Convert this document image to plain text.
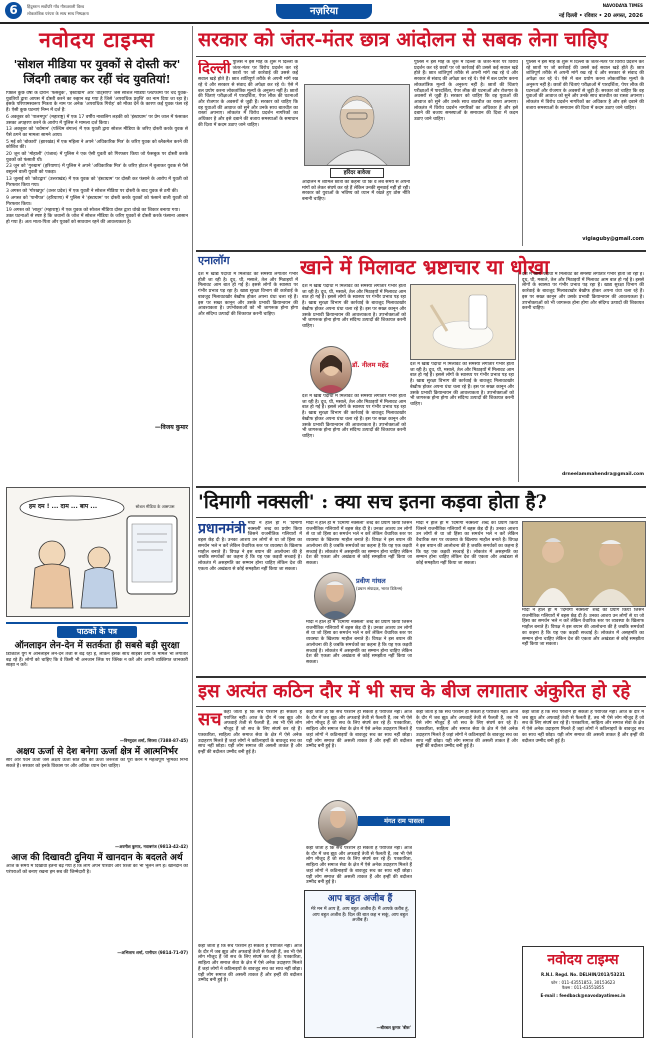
6	हिंदुस्तान सर्वोपरि गाँव गौरवशाली विश्व
लोकतांत्रिक परंपरा के साथ साथ निष्पक्षता	नज़रिया
NAVODAYA TIMES
नई दिल्ली • रविवार • 20 अगस्त, 2026
नवोदय टाइम्स
'सोशल मीडिया पर युवकों से दोस्ती कर'
जिंदगी तबाह कर रहीं चंद युवतियां!
पिछले कुछ वर्षों के दौरान 'फेसबुक', 'इंस्टाग्राम' और 'वॉट्सएप' जैसे सोशल मीडिया प्लेटफार्मों पर चंद युवक-युवतियों द्वारा आपस में दोस्ती करने का रुझान बढ़ गया है जिसे 'अपराधिक प्रवृत्ति' का नाम दिया जा रहा है। इसके परिणामस्वरूप मित्रता के नाम पर अनेक 'अपराधिक गिरोह' को मौका देने के कारण कई युवक फंस रहे हैं। ऐसी कुछ घटनाएं निम्न में दर्ज हैं:
6 अक्तूबर को 'पालमपुर' (महाराष्ट्र) में एक 17 वर्षीय नाबालिग लड़की को 'इंस्टाग्राम' पर प्रेम जाल में फंसाकर उसका अपहरण करने के आरोप में पुलिस ने मामला दर्ज किया।
13 अक्तूबर को 'बर्धमान' (पश्चिम बंगाल) में एक युवती द्वारा सोशल मीडिया के जरिए दोस्ती करके युवक से पैसे ठगने का मामला सामने आया।
5 मई को 'बोकारो' (झारखंड) में एक महिला ने अपने 'अधिकारिक मित्र' के जरिए युवक को ब्लैकमेल करने की कोशिश की।
20 जून को 'मोहाली' (पंजाब) में पुलिस ने एक ऐसी युवती को गिरफ्तार किया जो फेसबुक पर दोस्ती करके युवकों को फंसाती थी।
23 जून को 'गुरुग्राम' (हरियाणा) में पुलिस ने अपने 'अधिकारिक मित्र' के जरिए होटल में बुलाकर युवक से पैसे वसूलने वाली युवती को पकड़ा।
13 जुलाई को 'कोटद्वार' (उत्तराखंड) में एक युवक को 'इंस्टाग्राम' पर दोस्ती कर फंसाने के आरोप में युवती को गिरफ्तार किया गया।
3 अगस्त को 'गोरखपुर' (उत्तर प्रदेश) में एक युवती ने सोशल मीडिया पर दोस्ती के बाद युवक से ठगी की।
9 अगस्त को 'पानीपत' (हरियाणा) में पुलिस ने 'इंस्टाग्राम' पर दोस्ती करके युवकों को फंसाने वाली युवती को गिरफ्तार किया।
19 अगस्त को 'लातूर' (महाराष्ट्र) में एक युवक को सोशल मीडिया दोस्त द्वारा धोखे का शिकार बनाया गया।
उक्त घटनाओं से स्पष्ट है कि जवानों के जोश में सोशल मीडिया के जरिए युवकों से दोस्ती करके फंसाना आसान हो गया है। अतः माता-पिता और युवकों को सावधान रहने की आवश्यकता है।
—विजय कुमार
हम दम ! ... दाम ... बाप ...	सोशल मीडिया के आसपास
पाठकों के पत्र
ऑनलाइन लेन-देन में सतर्कता ही सबसे बड़ी सुरक्षा
डिजिटल युग में ऑनलाइन लेन-देन तेजी से बढ़ रहा है, लेकिन इसके साथ साइबर ठगी के मामले भी लगातार बढ़ रहे हैं। लोगों को चाहिए कि वे किसी भी अनजान लिंक पर क्लिक न करें और अपनी व्यक्तिगत जानकारी साझा न करें।
—विष्णुदत्त शर्मा, सिरसा (7388-87-45)
अक्षय ऊर्जा से देश बनेगा ऊर्जा क्षेत्र में आत्मनिर्भर
सौर और पवन ऊर्जा जैसे अक्षय ऊर्जा स्रोत देश की ऊर्जा जरूरतों को पूरा करने में महत्वपूर्ण भूमिका निभा सकते हैं। सरकार को इनके विकास पर और अधिक ध्यान देना चाहिए।
—अवनीश कुमार, नवाबगंज (9813-42-42)
आज की दिखावटी दुनिया में खानदान के बदलते अर्थ
आज के समय में दिखावा इतना बढ़ गया है कि लोग अपने परिवार और रिश्तों को भी भूलने लगे हैं। खानदान की परंपराओं को बनाए रखना हम सब की जिम्मेदारी है।
—अभिलाष शर्मा, पानीपत (9814-71-07)
सरकार को जंतर-मंतर छात्र आंदोलन से सबक लेना चाहिए
दिल्ली पुलिस ने इस माह के शुरू में दिल्ली के जंतर-मंतर पर विरोध प्रदर्शन कर रहे छात्रों पर जो कार्रवाई की उससे कई सवाल खड़े होते हैं। छात्र शांतिपूर्ण तरीके से अपनी मांगें रख रहे थे और सरकार से संवाद की अपेक्षा कर रहे थे। ऐसे में बल प्रयोग करना लोकतांत्रिक मूल्यों के अनुरूप नहीं है। छात्रों की चिंताएं परीक्षाओं में पारदर्शिता, पेपर लीक की घटनाओं और रोजगार के अवसरों से जुड़ी हैं। सरकार को चाहिए कि वह युवाओं की आवाज को सुने और उनके साथ बातचीत का रास्ता अपनाए। लोकतंत्र में विरोध प्रदर्शन नागरिकों का अधिकार है और इसे दबाने की बजाय समस्याओं के समाधान की दिशा में कदम उठाए जाने चाहिए।
हरिंदर बावेजा
आंदोलन में शामिल छात्रों का कहना था कि वे लंबे समय से अपनी मांगों को लेकर संघर्ष कर रहे हैं लेकिन उनकी सुनवाई नहीं हो रही। सरकार को युवाओं के भविष्य को ध्यान में रखते हुए ठोस नीति बनानी चाहिए।
पुलिस ने इस माह के शुरू में दिल्ली के जंतर-मंतर पर विरोध प्रदर्शन कर रहे छात्रों पर जो कार्रवाई की उससे कई सवाल खड़े होते हैं। छात्र शांतिपूर्ण तरीके से अपनी मांगें रख रहे थे और सरकार से संवाद की अपेक्षा कर रहे थे। ऐसे में बल प्रयोग करना लोकतांत्रिक मूल्यों के अनुरूप नहीं है। छात्रों की चिंताएं परीक्षाओं में पारदर्शिता, पेपर लीक की घटनाओं और रोजगार के अवसरों से जुड़ी हैं। सरकार को चाहिए कि वह युवाओं की आवाज को सुने और उनके साथ बातचीत का रास्ता अपनाए। लोकतंत्र में विरोध प्रदर्शन नागरिकों का अधिकार है और इसे दबाने की बजाय समस्याओं के समाधान की दिशा में कदम उठाए जाने चाहिए।
पुलिस ने इस माह के शुरू में दिल्ली के जंतर-मंतर पर विरोध प्रदर्शन कर रहे छात्रों पर जो कार्रवाई की उससे कई सवाल खड़े होते हैं। छात्र शांतिपूर्ण तरीके से अपनी मांगें रख रहे थे और सरकार से संवाद की अपेक्षा कर रहे थे। ऐसे में बल प्रयोग करना लोकतांत्रिक मूल्यों के अनुरूप नहीं है। छात्रों की चिंताएं परीक्षाओं में पारदर्शिता, पेपर लीक की घटनाओं और रोजगार के अवसरों से जुड़ी हैं। सरकार को चाहिए कि वह युवाओं की आवाज को सुने और उनके साथ बातचीत का रास्ता अपनाए। लोकतंत्र में विरोध प्रदर्शन नागरिकों का अधिकार है और इसे दबाने की बजाय समस्याओं के समाधान की दिशा में कदम उठाए जाने चाहिए।
vigiaguby@gmail.com
एनालॉग	खाने में मिलावट भ्रष्टाचार या धोखा
देश में खाद्य पदार्थों में मिलावट की समस्या लगातार गंभीर होती जा रही है। दूध, घी, मसाले, तेल और मिठाइयों में मिलावट आम बात हो गई है। इससे लोगों के स्वास्थ्य पर गंभीर प्रभाव पड़ रहा है। खाद्य सुरक्षा विभाग की कार्रवाई के बावजूद मिलावटखोर बेखौफ होकर अपना धंधा चला रहे हैं। इस पर सख्त कानून और उसके प्रभावी क्रियान्वयन की आवश्यकता है। उपभोक्ताओं को भी जागरूक होना होगा और संदिग्ध उत्पादों की शिकायत करनी चाहिए।
देश में खाद्य पदार्थों में मिलावट की समस्या लगातार गंभीर होती जा रही है। दूध, घी, मसाले, तेल और मिठाइयों में मिलावट आम बात हो गई है। इससे लोगों के स्वास्थ्य पर गंभीर प्रभाव पड़ रहा है। खाद्य सुरक्षा विभाग की कार्रवाई के बावजूद मिलावटखोर बेखौफ होकर अपना धंधा चला रहे हैं। इस पर सख्त कानून और उसके प्रभावी क्रियान्वयन की आवश्यकता है। उपभोक्ताओं को भी जागरूक होना होगा और संदिग्ध उत्पादों की शिकायत करनी चाहिए।
डॉ. नीलम महेंद्र
देश में खाद्य पदार्थों में मिलावट की समस्या लगातार गंभीर होती जा रही है। दूध, घी, मसाले, तेल और मिठाइयों में मिलावट आम बात हो गई है। इससे लोगों के स्वास्थ्य पर गंभीर प्रभाव पड़ रहा है। खाद्य सुरक्षा विभाग की कार्रवाई के बावजूद मिलावटखोर बेखौफ होकर अपना धंधा चला रहे हैं। इस पर सख्त कानून और उसके प्रभावी क्रियान्वयन की आवश्यकता है। उपभोक्ताओं को भी जागरूक होना होगा और संदिग्ध उत्पादों की शिकायत करनी चाहिए।
देश में खाद्य पदार्थों में मिलावट की समस्या लगातार गंभीर होती जा रही है। दूध, घी, मसाले, तेल और मिठाइयों में मिलावट आम बात हो गई है। इससे लोगों के स्वास्थ्य पर गंभीर प्रभाव पड़ रहा है। खाद्य सुरक्षा विभाग की कार्रवाई के बावजूद मिलावटखोर बेखौफ होकर अपना धंधा चला रहे हैं। इस पर सख्त कानून और उसके प्रभावी क्रियान्वयन की आवश्यकता है। उपभोक्ताओं को भी जागरूक होना होगा और संदिग्ध उत्पादों की शिकायत करनी चाहिए।
देश में खाद्य पदार्थों में मिलावट की समस्या लगातार गंभीर होती जा रही है। दूध, घी, मसाले, तेल और मिठाइयों में मिलावट आम बात हो गई है। इससे लोगों के स्वास्थ्य पर गंभीर प्रभाव पड़ रहा है। खाद्य सुरक्षा विभाग की कार्रवाई के बावजूद मिलावटखोर बेखौफ होकर अपना धंधा चला रहे हैं। इस पर सख्त कानून और उसके प्रभावी क्रियान्वयन की आवश्यकता है। उपभोक्ताओं को भी जागरूक होना होगा और संदिग्ध उत्पादों की शिकायत करनी चाहिए।
drneelammahendra@gmail.com
'दिमागी नक्सली' : क्या सच इतना कड़वा होता है?
प्रधानमंत्री मोदी ने हाल ही में 'दिमागी नक्सली' शब्द का प्रयोग किया जिसने राजनीतिक गलियारों में बहस छेड़ दी है। उनका आशय उन लोगों से था जो हिंसा का समर्थन भले न करें लेकिन वैचारिक स्तर पर व्यवस्था के खिलाफ माहौल बनाते हैं। विपक्ष ने इस बयान की आलोचना की है जबकि समर्थकों का कहना है कि यह एक कड़वी सच्चाई है। लोकतंत्र में असहमति का सम्मान होना चाहिए लेकिन देश की एकता और अखंडता से कोई समझौता नहीं किया जा सकता।
मोदी ने हाल ही में 'दिमागी नक्सली' शब्द का प्रयोग किया जिसने राजनीतिक गलियारों में बहस छेड़ दी है। उनका आशय उन लोगों से था जो हिंसा का समर्थन भले न करें लेकिन वैचारिक स्तर पर व्यवस्था के खिलाफ माहौल बनाते हैं। विपक्ष ने इस बयान की आलोचना की है जबकि समर्थकों का कहना है कि यह एक कड़वी सच्चाई है। लोकतंत्र में असहमति का सम्मान होना चाहिए लेकिन देश की एकता और अखंडता से कोई समझौता नहीं किया जा सकता।
प्रवीण गांधल
(प्रधान संपादक, भारत डिफेन्स)
मोदी ने हाल ही में 'दिमागी नक्सली' शब्द का प्रयोग किया जिसने राजनीतिक गलियारों में बहस छेड़ दी है। उनका आशय उन लोगों से था जो हिंसा का समर्थन भले न करें लेकिन वैचारिक स्तर पर व्यवस्था के खिलाफ माहौल बनाते हैं। विपक्ष ने इस बयान की आलोचना की है जबकि समर्थकों का कहना है कि यह एक कड़वी सच्चाई है। लोकतंत्र में असहमति का सम्मान होना चाहिए लेकिन देश की एकता और अखंडता से कोई समझौता नहीं किया जा सकता।
मोदी ने हाल ही में 'दिमागी नक्सली' शब्द का प्रयोग किया जिसने राजनीतिक गलियारों में बहस छेड़ दी है। उनका आशय उन लोगों से था जो हिंसा का समर्थन भले न करें लेकिन वैचारिक स्तर पर व्यवस्था के खिलाफ माहौल बनाते हैं। विपक्ष ने इस बयान की आलोचना की है जबकि समर्थकों का कहना है कि यह एक कड़वी सच्चाई है। लोकतंत्र में असहमति का सम्मान होना चाहिए लेकिन देश की एकता और अखंडता से कोई समझौता नहीं किया जा सकता।
मोदी ने हाल ही में 'दिमागी नक्सली' शब्द का प्रयोग किया जिसने राजनीतिक गलियारों में बहस छेड़ दी है। उनका आशय उन लोगों से था जो हिंसा का समर्थन भले न करें लेकिन वैचारिक स्तर पर व्यवस्था के खिलाफ माहौल बनाते हैं। विपक्ष ने इस बयान की आलोचना की है जबकि समर्थकों का कहना है कि यह एक कड़वी सच्चाई है। लोकतंत्र में असहमति का सम्मान होना चाहिए लेकिन देश की एकता और अखंडता से कोई समझौता नहीं किया जा सकता।
इस अत्यंत कठिन दौर में भी सच के बीज लगातार अंकुरित हो रहे
सच कहा जाता है कि सच परेशान हो सकता है पराजित नहीं। आज के दौर में जब झूठ और अफवाहें तेजी से फैलती हैं, तब भी ऐसे लोग मौजूद हैं जो सच के लिए संघर्ष कर रहे हैं। पत्रकारिता, साहित्य और समाज सेवा के क्षेत्र में ऐसे अनेक उदाहरण मिलते हैं जहां लोगों ने कठिनाइयों के बावजूद सच का साथ नहीं छोड़ा। यही लोग समाज की असली ताकत हैं और इन्हीं की बदौलत उम्मीद बनी हुई है।
कहा जाता है कि सच परेशान हो सकता है पराजित नहीं। आज के दौर में जब झूठ और अफवाहें तेजी से फैलती हैं, तब भी ऐसे लोग मौजूद हैं जो सच के लिए संघर्ष कर रहे हैं। पत्रकारिता, साहित्य और समाज सेवा के क्षेत्र में ऐसे अनेक उदाहरण मिलते हैं जहां लोगों ने कठिनाइयों के बावजूद सच का साथ नहीं छोड़ा। यही लोग समाज की असली ताकत हैं और इन्हीं की बदौलत उम्मीद बनी हुई है।
मंगत राम पासला
कहा जाता है कि सच परेशान हो सकता है पराजित नहीं। आज के दौर में जब झूठ और अफवाहें तेजी से फैलती हैं, तब भी ऐसे लोग मौजूद हैं जो सच के लिए संघर्ष कर रहे हैं। पत्रकारिता, साहित्य और समाज सेवा के क्षेत्र में ऐसे अनेक उदाहरण मिलते हैं जहां लोगों ने कठिनाइयों के बावजूद सच का साथ नहीं छोड़ा। यही लोग समाज की असली ताकत हैं और इन्हीं की बदौलत उम्मीद बनी हुई है।
आप बहुत अजीब हैं
मेरे मन में आप हैं, आप बहुत अजीब हैं। मैं आपके करीब हूं, आप बहुत अजीब हैं। दिल की बात कह न सकूं, आप बहुत अजीब हैं।
—बीरबल कुमार 'बीरू'
कहा जाता है कि सच परेशान हो सकता है पराजित नहीं। आज के दौर में जब झूठ और अफवाहें तेजी से फैलती हैं, तब भी ऐसे लोग मौजूद हैं जो सच के लिए संघर्ष कर रहे हैं। पत्रकारिता, साहित्य और समाज सेवा के क्षेत्र में ऐसे अनेक उदाहरण मिलते हैं जहां लोगों ने कठिनाइयों के बावजूद सच का साथ नहीं छोड़ा। यही लोग समाज की असली ताकत हैं और इन्हीं की बदौलत उम्मीद बनी हुई है।
कहा जाता है कि सच परेशान हो सकता है पराजित नहीं। आज के दौर में जब झूठ और अफवाहें तेजी से फैलती हैं, तब भी ऐसे लोग मौजूद हैं जो सच के लिए संघर्ष कर रहे हैं। पत्रकारिता, साहित्य और समाज सेवा के क्षेत्र में ऐसे अनेक उदाहरण मिलते हैं जहां लोगों ने कठिनाइयों के बावजूद सच का साथ नहीं छोड़ा। यही लोग समाज की असली ताकत हैं और इन्हीं की बदौलत उम्मीद बनी हुई है।
कहा जाता है कि सच परेशान हो सकता है पराजित नहीं। आज के दौर में जब झूठ और अफवाहें तेजी से फैलती हैं, तब भी ऐसे लोग मौजूद हैं जो सच के लिए संघर्ष कर रहे हैं। पत्रकारिता, साहित्य और समाज सेवा के क्षेत्र में ऐसे अनेक उदाहरण मिलते हैं जहां लोगों ने कठिनाइयों के बावजूद सच का साथ नहीं छोड़ा। यही लोग समाज की असली ताकत हैं और इन्हीं की बदौलत उम्मीद बनी हुई है।
नवोदय टाइम्स
R.N.I. Regd. No. DELHIN/2013/53231
फोन : 011-43551853, 30153623
फैक्स : 011-43551855
E-mail : feedback@navodayatimes.in
